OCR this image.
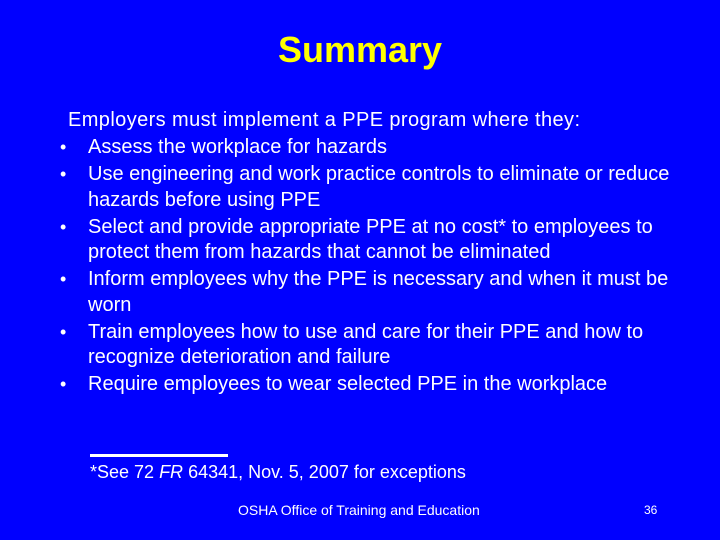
Summary
Employers must implement a PPE program where they:
• Assess the workplace for hazards
• Use engineering and work practice controls to eliminate or reduce hazards before using PPE
• Select and provide appropriate PPE at no cost* to employees to protect them from hazards that cannot be eliminated
• Inform employees why the PPE is necessary and when it must be worn
• Train employees how to use and care for their PPE and how to recognize deterioration and failure
• Require employees to wear selected PPE in the workplace
*See 72 FR 64341, Nov. 5, 2007 for exceptions
OSHA Office of Training and Education	36
